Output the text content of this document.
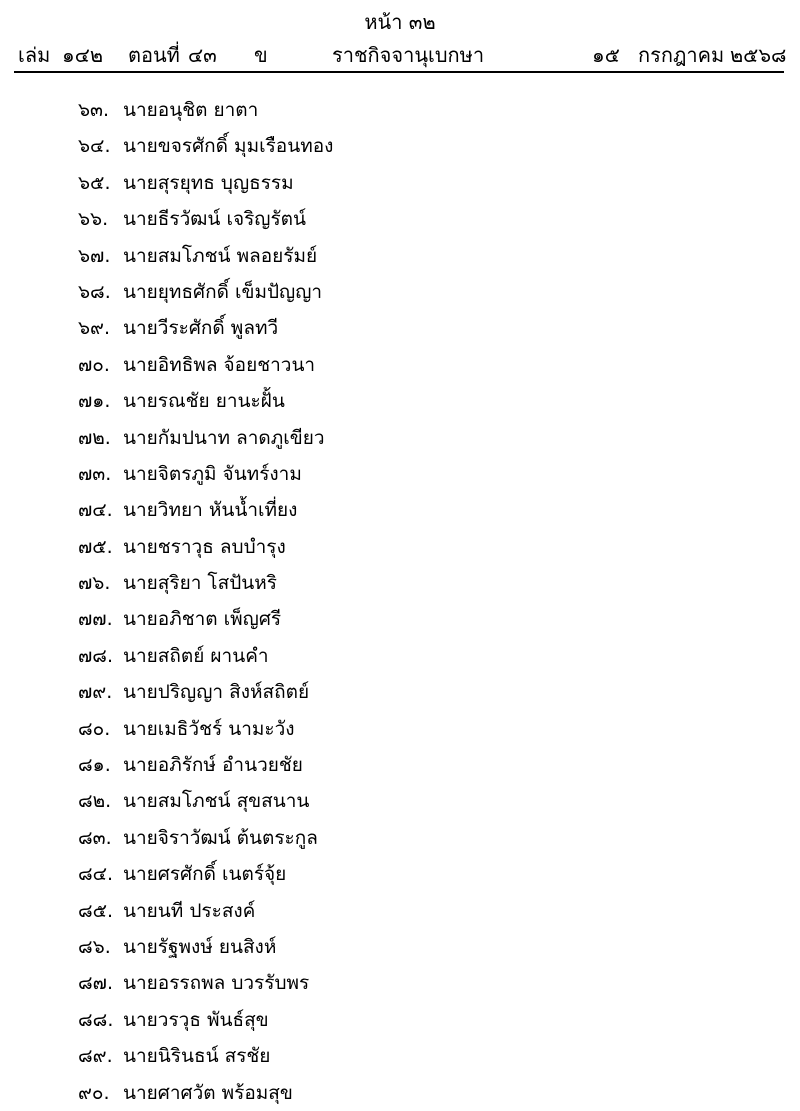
หน้า ๓๒
เล่ม ๑๔๒ ตอนที่ ๔๓ ข	ราชกิจจานุเบกษา	๑๕ กรกฎาคม ๒๕๖๘
๖๓. นายอนุชิต ยาตา
๖๔. นายขจรศักดิ์ มุมเรือนทอง
๖๕. นายสุรยุทธ บุญธรรม
๖๖. นายธีรวัฒน์ เจริญรัตน์
๖๗. นายสมโภชน์ พลอยรัมย์
๖๘. นายยุทธศักดิ์ เข็มปัญญา
๖๙. นายวีระศักดิ์ พูลทวี
๗๐. นายอิทธิพล จ้อยชาวนา
๗๑. นายรณชัย ยานะฝั้น
๗๒. นายกัมปนาท ลาดภูเขียว
๗๓. นายจิตรภูมิ จันทร์งาม
๗๔. นายวิทยา หันน้ำเที่ยง
๗๕. นายชราวุธ ลบบำรุง
๗๖. นายสุริยา โสปันหริ
๗๗. นายอภิชาต เพ็ญศรี
๗๘. นายสถิตย์ ผานคำ
๗๙. นายปริญญา สิงห์สถิตย์
๘๐. นายเมธิวัชร์ นามะวัง
๘๑. นายอภิรักษ์ อำนวยชัย
๘๒. นายสมโภชน์ สุขสนาน
๘๓. นายจิราวัฒน์ ต้นตระกูล
๘๔. นายศรศักดิ์ เนตร์จุ้ย
๘๕. นายนที ประสงค์
๘๖. นายรัฐพงษ์ ยนสิงห์
๘๗. นายอรรถพล บวรรับพร
๘๘. นายวรวุธ พันธ์สุข
๘๙. นายนิรินธน์ สรชัย
๙๐. นายศาศวัต พร้อมสุข
